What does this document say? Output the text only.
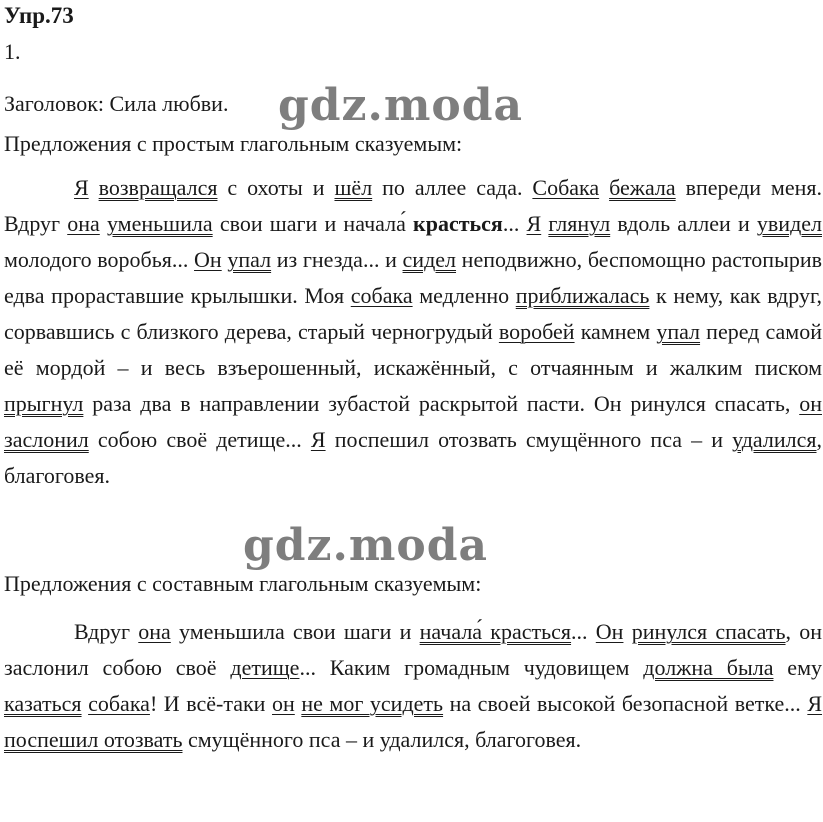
Упр.73
1.
Заголовок: Сила любви.
Предложения с простым глагольным сказуемым:
Я возвращался с охоты и шёл по аллее сада. Собака бежала впереди меня. Вдруг она уменьшила свои шаги и начала́ красться... Я глянул вдоль аллеи и увидел молодого воробья... Он упал из гнезда... и сидел неподвижно, беспомощно растопырив едва прораставшие крылышки. Моя собака медленно приближалась к нему, как вдруг, сорвавшись с близкого дерева, старый черногрудый воробей камнем упал перед самой её мордой – и весь взъерошенный, искажённый, с отчаянным и жалким писком прыгнул раза два в направлении зубастой раскрытой пасти. Он ринулся спасать, он заслонил собою своё детище... Я поспешил отозвать смущённого пса – и удалился, благоговея.
Предложения с составным глагольным сказуемым:
Вдруг она уменьшила свои шаги и начала́ красться... Он ринулся спасать, он заслонил собою своё детище... Каким громадным чудовищем должна была ему казаться собака! И всё-таки он не мог усидеть на своей высокой безопасной ветке... Я поспешил отозвать смущённого пса – и удалился, благоговея.
gdz.moda
gdz.moda
